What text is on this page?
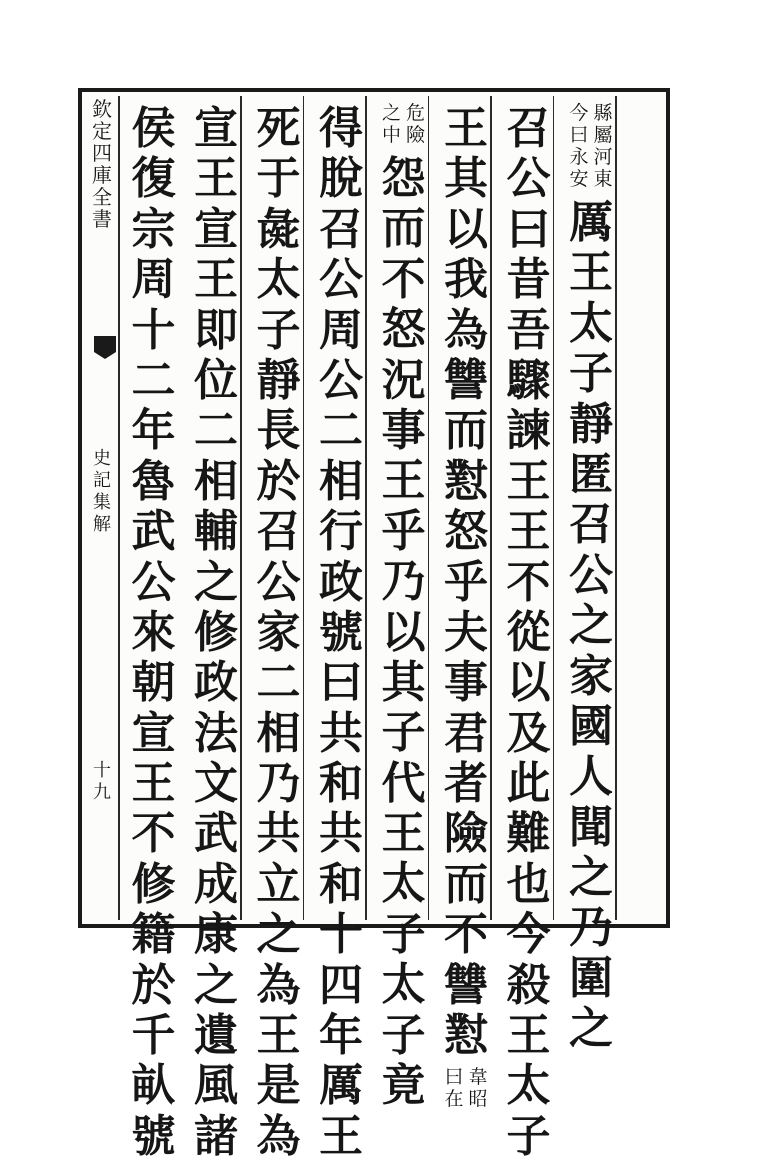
欽
定
四
庫
全
書
史
記
集
解
十
九
縣
屬
河
東
今
曰
永
安
厲
王
太
子
靜
匿
召
公
之
家
國
人
聞
之
乃
圍
之
召
公
曰
昔
吾
驟
諫
王
王
不
從
以
及
此
難
也
今
殺
王
太
子
王
其
以
我
為
讐
而
懟
怒
乎
夫
事
君
者
險
而
不
讐
懟
韋
昭
曰
在
危
險
之
中
怨
而
不
怒
況
事
王
乎
乃
以
其
子
代
王
太
子
太
子
竟
得
脫
召
公
周
公
二
相
行
政
號
曰
共
和
共
和
十
四
年
厲
王
死
于
彘
太
子
靜
長
於
召
公
家
二
相
乃
共
立
之
為
王
是
為
宣
王
宣
王
即
位
二
相
輔
之
修
政
法
文
武
成
康
之
遺
風
諸
侯
復
宗
周
十
二
年
魯
武
公
來
朝
宣
王
不
修
籍
於
千
畒
號
